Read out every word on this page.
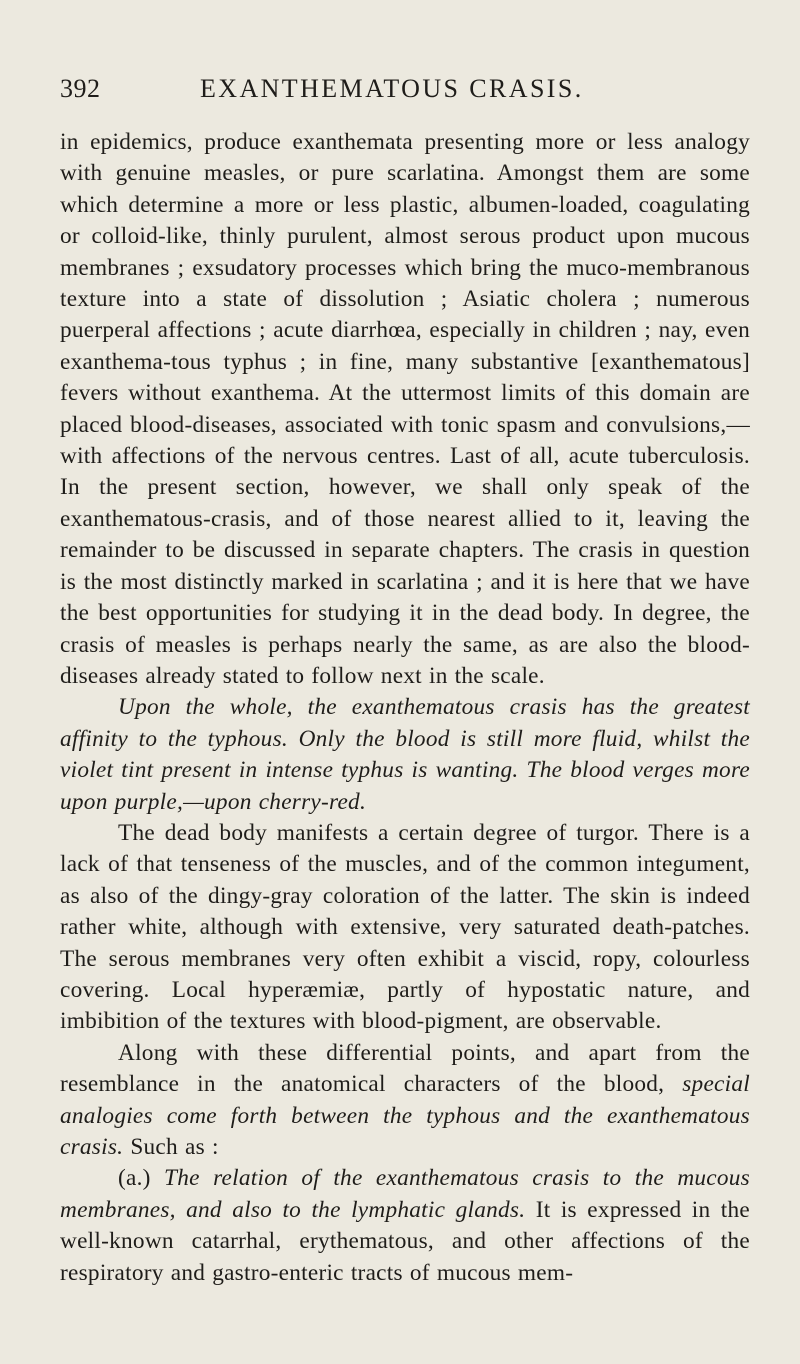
392	EXANTHEMATOUS CRASIS.

in epidemics, produce exanthemata presenting more or less analogy with genuine measles, or pure scarlatina. Amongst them are some which determine a more or less plastic, albumen-loaded, coagulating or colloid-like, thinly purulent, almost serous product upon mucous membranes ; exsudatory processes which bring the muco-membranous texture into a state of dissolution ; Asiatic cholera ; numerous puerperal affections ; acute diarrhœa, especially in children ; nay, even exanthema-tous typhus ; in fine, many substantive [exanthematous] fevers without exanthema. At the uttermost limits of this domain are placed blood-diseases, associated with tonic spasm and convulsions,—with affections of the nervous centres. Last of all, acute tuberculosis. In the present section, however, we shall only speak of the exanthematous-crasis, and of those nearest allied to it, leaving the remainder to be discussed in separate chapters. The crasis in question is the most distinctly marked in scarlatina ; and it is here that we have the best opportunities for studying it in the dead body. In degree, the crasis of measles is perhaps nearly the same, as are also the blood-diseases already stated to follow next in the scale.

Upon the whole, the exanthematous crasis has the greatest affinity to the typhous. Only the blood is still more fluid, whilst the violet tint present in intense typhus is wanting. The blood verges more upon purple,—upon cherry-red.

The dead body manifests a certain degree of turgor. There is a lack of that tenseness of the muscles, and of the common integument, as also of the dingy-gray coloration of the latter. The skin is indeed rather white, although with extensive, very saturated death-patches. The serous membranes very often exhibit a viscid, ropy, colourless covering. Local hyperæmiæ, partly of hypostatic nature, and imbibition of the textures with blood-pigment, are observable.

Along with these differential points, and apart from the resemblance in the anatomical characters of the blood, special analogies come forth between the typhous and the exanthematous crasis. Such as :

(a.) The relation of the exanthematous crasis to the mucous membranes, and also to the lymphatic glands. It is expressed in the well-known catarrhal, erythematous, and other affections of the respiratory and gastro-enteric tracts of mucous mem-
